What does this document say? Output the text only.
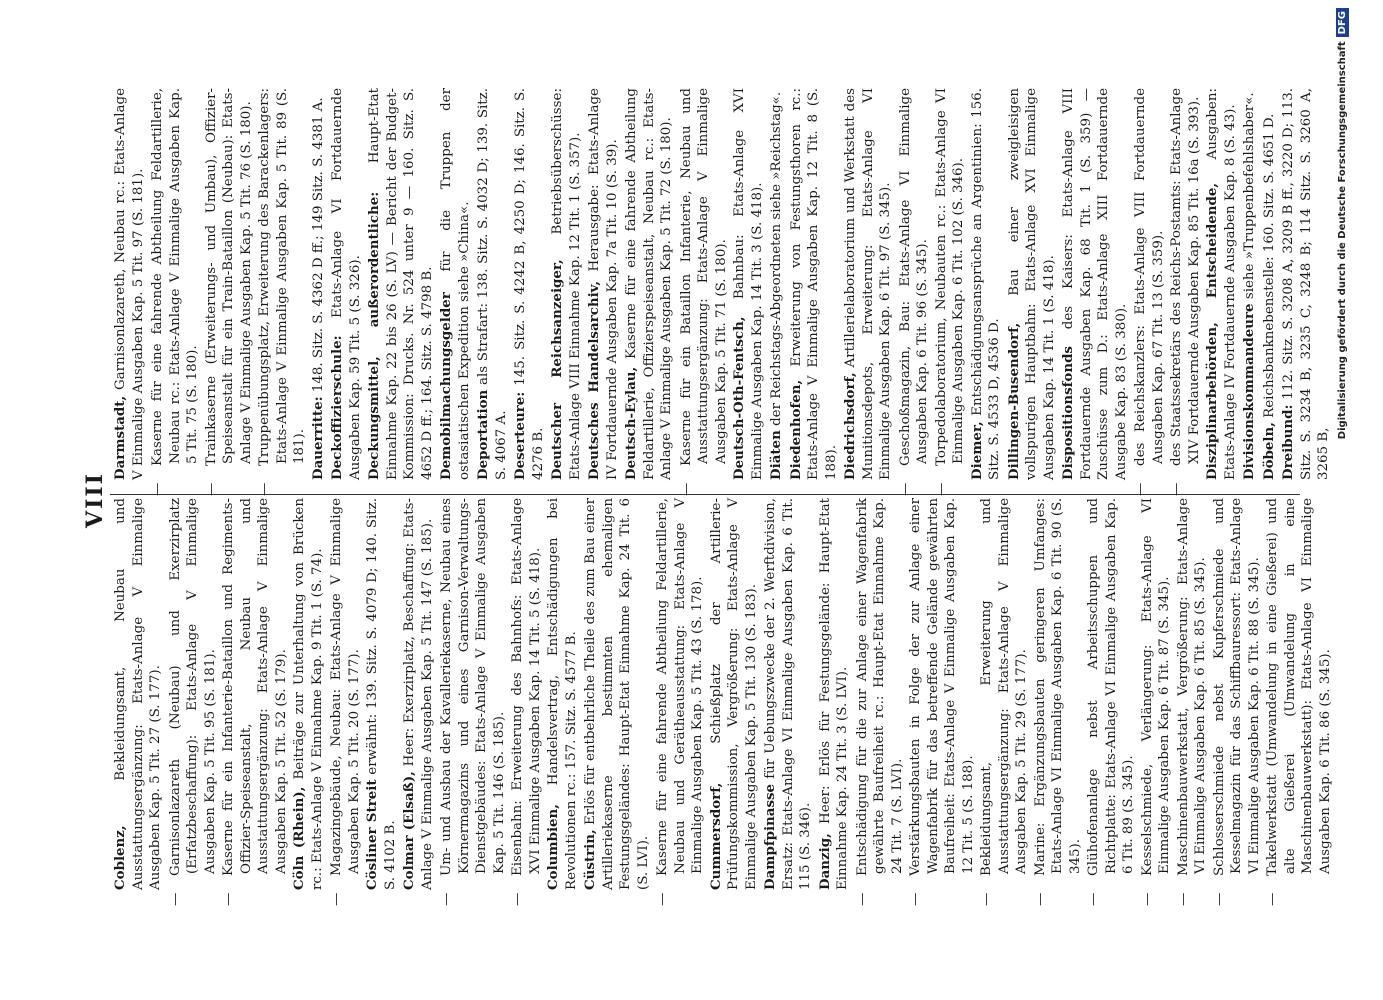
VIII
Coblenz, Bekleidungsamt, Neubau und Ausstattungsergänzung: Etats-Anlage V Einmalige Ausgaben Kap. 5 Tit. 27 (S. 177).
—Garnisonlazareth (Neubau) und Exerzirplatz (Erfatzbeschaffung): Etats-Anlage V Einmalige Ausgaben Kap. 5 Tit. 95 (S. 181).
—Kaserne für ein Infanterie-Bataillon und Regiments-Offizier-Speiseanstalt, Neubau und Ausstattungsergänzung: Etats-Anlage V Einmalige Ausgaben Kap. 5 Tit. 52 (S. 179). Cöln (Rhein), Beiträge zur Unterhaltung von Brücken rc.: Etats-Anlage V Einnahme Kap. 9 Tit. 1 (S. 74).
—Magazingebäude, Neubau: Etats-Anlage V Einmalige Ausgaben Kap. 5 Tit. 20 (S. 177). Cösliner Streit erwähnt: 139. Sitz. S. 4079 D; 140. Sitz. S. 4102 B. Colmar (Elsaß), Heer: Exerzirplatz, Beschaffung: Etats-Anlage V Einmalige Ausgaben Kap. 5 Tit. 147 (S. 185).
—Um- und Ausbau der Kavalleriekaserne, Neubau eines Körnermagazins und eines Garnison-Verwaltungs-Dienstgebäudes: Etats-Anlage V Einmalige Ausgaben Kap. 5 Tit. 146 (S. 185).
—Eisenbahn: Erweiterung des Bahnhofs: Etats-Anlage XVI Einmalige Ausgaben Kap. 14 Tit. 5 (S. 418). Columbien, Handelsvertrag, Entschädigungen bei Revolutionen rc.: 157. Sitz. S. 4577 B. Cüstrin, Erlös für entbehrliche Theile des zum Bau einer Artilleriekaserne bestimmten ehemaligen Festungsgeländes: Haupt-Etat Einnahme Kap. 24 Tit. 6 (S. LVI).
—Kaserne für eine fahrende Abtheilung Feldartillerie, Neubau und Gerätheausstattung: Etats-Anlage V Einmalige Ausgaben Kap. 5 Tit. 43 (S. 178). Cummersdorf, Schießplatz der Artillerie-Prüfungskommission, Vergrößerung: Etats-Anlage V Einmalige Ausgaben Kap. 5 Tit. 130 (S. 183). Dampfpinasse für Uebungszwecke der 2. Werftdivision, Ersatz: Etats-Anlage VI Einmalige Ausgaben Kap. 6 Tit. 115 (S. 346). Danzig, Heer: Erlös für Festungsgelände: Haupt-Etat Einnahme Kap. 24 Tit. 3 (S. LVI).
—Entschädigung für die zur Anlage einer Wagenfabrik gewährte Baufreiheit rc.: Haupt-Etat Einnahme Kap. 24 Tit. 7 (S. LVI).
—Verstärkungsbauten in Folge der zur Anlage einer Wagenfabrik für das betreffende Gelände gewährten Baufreiheit: Etats-Anlage V Einmalige Ausgaben Kap. 12 Tit. 5 (S. 188).
—Bekleidungsamt, Erweiterung und Ausstattungsergänzung: Etats-Anlage V Einmalige Ausgaben Kap. 5 Tit. 29 (S. 177).
—Marine: Ergänzungsbauten geringeren Umfanges: Etats-Anlage VI Einmalige Ausgaben Kap. 6 Tit. 90 (S. 345).
—Glühofenanlage nebst Arbeitsschuppen und Richtplatte: Etats-Anlage VI Einmalige Ausgaben Kap. 6 Tit. 89 (S. 345).
—Kesselschmiede, Verlängerung: Etats-Anlage VI Einmalige Ausgaben Kap. 6 Tit. 87 (S. 345).
—Maschinenbauwerkstatt, Vergrößerung: Etats-Anlage VI Einmalige Ausgaben Kap. 6 Tit. 85 (S. 345).
—Schlosserschmiede nebst Kupferschmiede und Kesselmagazin für das Schiffbauressort: Etats-Anlage VI Einmalige Ausgaben Kap. 6 Tit. 88 (S. 345).
—Takelwerkstatt (Umwandelung in eine Gießerei) und alte Gießerei (Umwandelung in eine Maschinenbauwerkstatt): Etats-Anlage VI Einmalige Ausgaben Kap. 6 Tit. 86 (S. 345).
Darmstadt, Garnisonlazareth, Neubau rc.: Etats-Anlage V Einmalige Ausgaben Kap. 5 Tit. 97 (S. 181).
—Kaserne für eine fahrende Abtheilung Feldartillerie, Neubau rc.: Etats-Anlage V Einmalige Ausgaben Kap. 5 Tit. 75 (S. 180).
—Trainkaserne (Erweiterungs- und Umbau), Offizier-Speiseanstalt für ein Train-Bataillon (Neubau): Etats-Anlage V Einmalige Ausgaben Kap. 5 Tit. 76 (S. 180).
—Truppenübungsplatz, Erweiterung des Barackenlagers: Etats-Anlage V Einmalige Ausgaben Kap. 5 Tit. 89 (S. 181). Dauerritte: 148. Sitz. S. 4362 D ff.; 149 Sitz. S. 4381 A.
Deckoffizierschule: Etats-Anlage VI Fortdauernde Ausgaben Kap. 59 Tit. 5 (S. 326). Deckungsmittel, außerordentliche: Haupt-Etat Einnahme Kap. 22 bis 26 (S. LV) — Bericht der Budget-Kommission: Drucks. Nr. 524 unter 9 — 160. Sitz. S. 4652 D ff.; 164. Sitz. S. 4798 B. Demobilmachungsgelder für die Truppen der ostasiatischen Expedition siehe »China«. Deportation als Strafart: 138. Sitz. S. 4032 D; 139. Sitz. S. 4067 A. Deserteure: 145. Sitz. S. 4242 B, 4250 D; 146. Sitz. S. 4276 B. Deutscher Reichsanzeiger, Betriebsüberschüsse: Etats-Anlage VIII Einnahme Kap. 12 Tit. 1 (S. 357). Deutsches Handelsarchiv, Herausgabe: Etats-Anlage IV Fortdauernde Ausgaben Kap. 7a Tit. 10 (S. 39). Deutsch-Eylau, Kaserne für eine fahrende Abtheilung Feldartillerie, Offizierspeiseanstalt, Neubau rc.: Etats-Anlage V Einmalige Ausgaben Kap. 5 Tit. 72 (S. 180).
—Kaserne für ein Bataillon Infanterie, Neubau und Ausstattungsergänzung: Etats-Anlage V Einmalige Ausgaben Kap. 5 Tit. 71 (S. 180). Deutsch-Oth-Fentsch, Bahnbau: Etats-Anlage XVI Einmalige Ausgaben Kap. 14 Tit. 3 (S. 418). Diäten der Reichstags-Abgeordneten siehe »Reichstag«. Diedenhofen, Erweiterung von Festungsthoren rc.: Etats-Anlage V Einmalige Ausgaben Kap. 12 Tit. 8 (S. 188). Diedrichsdorf, Artillerielaboratorium und Werkstatt des Munitionsdepots, Erweiterung: Etats-Anlage VI Einmalige Ausgaben Kap. 6 Tit. 97 (S. 345).
—Geschoßmagazin, Bau: Etats-Anlage VI Einmalige Ausgaben Kap. 6 Tit. 96 (S. 345).
—Torpedolaboratorium, Neubauten rc.: Etats-Anlage VI Einmalige Ausgaben Kap. 6 Tit. 102 (S. 346). Diemer, Entschädigungsansprüche an Argentinien: 156. Sitz. S. 4533 D, 4536 D. Dillingen-Busendorf, Bau einer zweigleisigen vollspurigen Hauptbahn: Etats-Anlage XVI Einmalige Ausgaben Kap. 14 Tit. 1 (S. 418). Dispositionsfonds des Kaisers: Etats-Anlage VIII Fortdauernde Ausgaben Kap. 68 Tit. 1 (S. 359) — Zuschüsse zum D.: Etats-Anlage XIII Fortdauernde Ausgabe Kap. 83 (S. 380).
—des Reichskanzlers: Etats-Anlage VIII Fortdauernde Ausgaben Kap. 67 Tit. 13 (S. 359).
—des Staatssekretärs des Reichs-Postamts: Etats-Anlage XIV Fortdauernde Ausgaben Kap. 85 Tit. 16a (S. 393). Disziplinarbehörden, Entscheidende, Ausgaben: Etats-Anlage IV Fortdauernde Ausgaben Kap. 8 (S. 43). Divisionskommandeure siehe »Truppenbefehlshaber«.
Döbeln, Reichsbanknebenstelle: 160. Sitz. S. 4651 D.
Dreibund: 112. Sitz. S. 3208 A, 3209 B ff., 3220 D; 113. Sitz. S. 3234 B, 3235 C, 3248 B; 114 Sitz. S. 3260 A, 3265 B,
Digitalisierung gefördert durch die Deutsche ForschungsgemeinschaftDFG
